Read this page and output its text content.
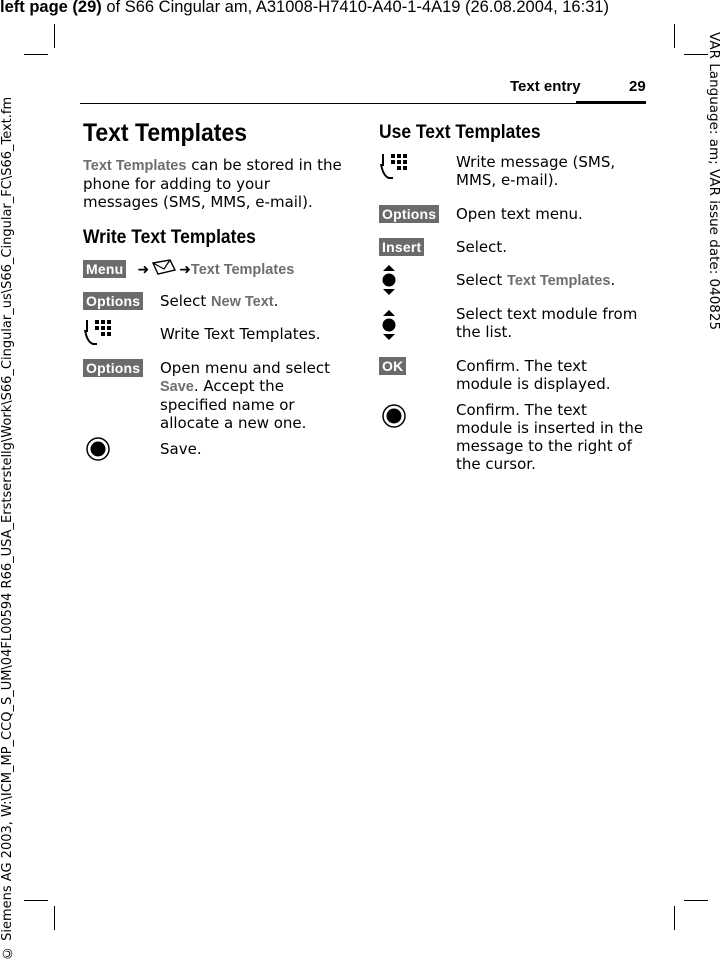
left page (29) of S66 Cingular am, A31008-H7410-A40-1-4A19 (26.08.2004, 16:31)
VAR Language: am; VAR issue date: 040825
© Siemens AG 2003, W:\ICM_MP_CCQ_S_UM\04FL00594 R66_USA_Erstserstellg\Work\S66_Cingular_us\S66_Cingular_FC\S66_Text.fm
Text entry	29
Text Templates
Text Templates can be stored in the phone for adding to your messages (SMS, MMS, e-mail).
Write Text Templates
Menu ➜ ➜Text Templates
Options Select New Text.
Write Text Templates.
Options Open menu and select Save. Accept the specified name or allocate a new one.
Save.
Use Text Templates
Write message (SMS, MMS, e-mail).
Options Open text menu.
Insert Select.
Select Text Templates.
Select text module from the list.
OK	Confirm. The text module is displayed.
Confirm. The text module is inserted in the message to the right of the cursor.
